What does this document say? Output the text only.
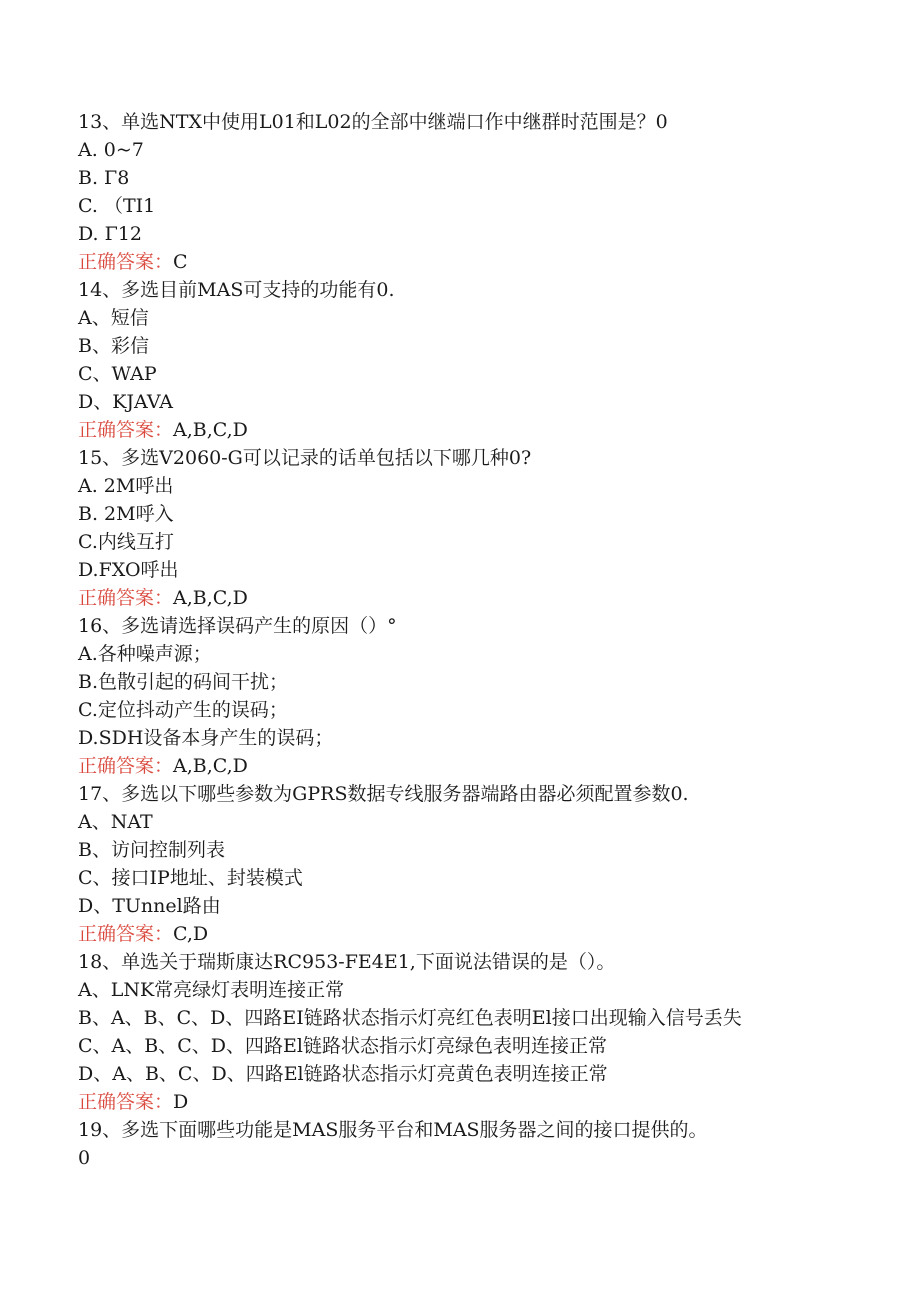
13、单选NTX中使用L01和L02的全部中继端口作中继群时范围是？0
A. 0~7
B. Γ8
C. （TI1
D. Γ12
正确答案：C
14、多选目前MAS可支持的功能有0.
A、短信
B、彩信
C、WAP
D、KJAVA
正确答案：A,B,C,D
15、多选V2060-G可以记录的话单包括以下哪几种0?
A. 2M呼出
B. 2M呼入
C.内线互打
D.FXO呼出
正确答案：A,B,C,D
16、多选请选择误码产生的原因（）°
A.各种噪声源；
B.色散引起的码间干扰；
C.定位抖动产生的误码；
D.SDH设备本身产生的误码；
正确答案：A,B,C,D
17、多选以下哪些参数为GPRS数据专线服务器端路由器必须配置参数0.
A、NAT
B、访问控制列表
C、接口IP地址、封装模式
D、TUnnel路由
正确答案：C,D
18、单选关于瑞斯康达RC953-FE4E1,下面说法错误的是（）。
A、LNK常亮绿灯表明连接正常
B、A、B、C、D、四路EI链路状态指示灯亮红色表明El接口出现输入信号丢失
C、A、B、C、D、四路El链路状态指示灯亮绿色表明连接正常
D、A、B、C、D、四路El链路状态指示灯亮黄色表明连接正常
正确答案：D
19、多选下面哪些功能是MAS服务平台和MAS服务器之间的接口提供的。
0
